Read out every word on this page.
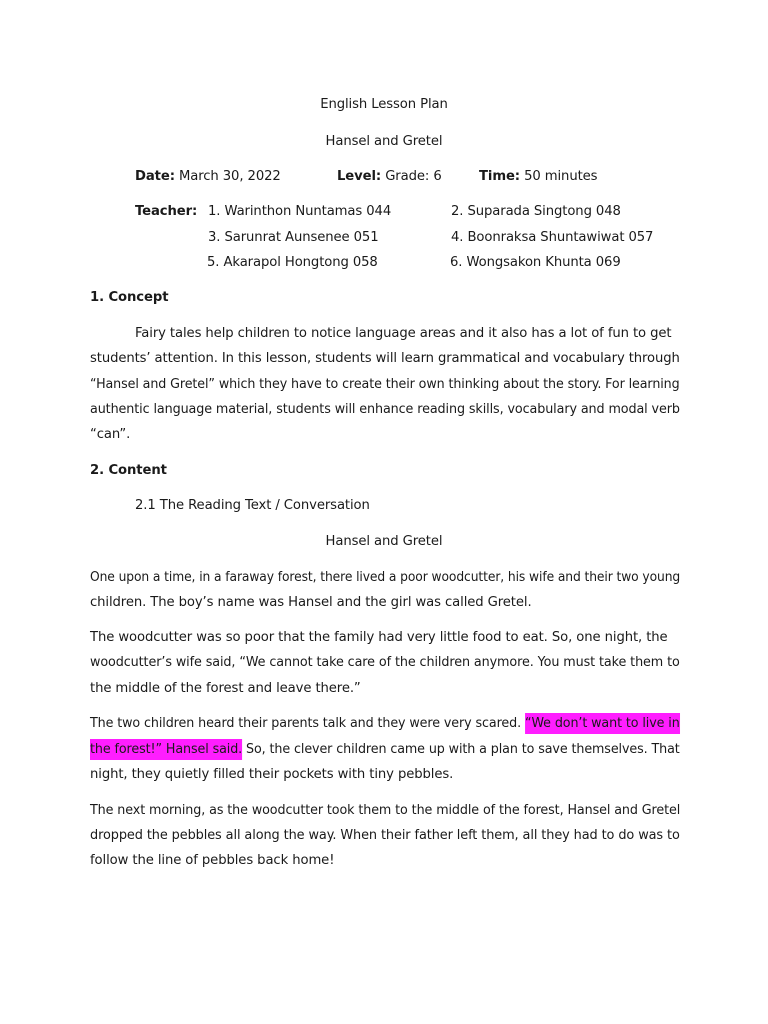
English Lesson Plan
Hansel and Gretel
Date: March 30, 2022	Level: Grade: 6	Time: 50 minutes
Teacher: 1. Warinthon Nuntamas 044	2. Suparada Singtong 048
3. Sarunrat Aunsenee 051	4. Boonraksa Shuntawiwat 057
5. Akarapol Hongtong 058	6. Wongsakon Khunta 069
1. Concept
Fairy tales help children to notice language areas and it also has a lot of fun to get
students’ attention. In this lesson, students will learn grammatical and vocabulary through
“Hansel and Gretel” which they have to create their own thinking about the story. For learning
authentic language material, students will enhance reading skills, vocabulary and modal verb
“can”.
2. Content
2.1 The Reading Text / Conversation
Hansel and Gretel
One upon a time, in a faraway forest, there lived a poor woodcutter, his wife and their two young
children. The boy’s name was Hansel and the girl was called Gretel.
The woodcutter was so poor that the family had very little food to eat. So, one night, the
woodcutter’s wife said, “We cannot take care of the children anymore. You must take them to
the middle of the forest and leave there.”
The two children heard their parents talk and they were very scared. “We don’t want to live in
the forest!” Hansel said. So, the clever children came up with a plan to save themselves. That
night, they quietly filled their pockets with tiny pebbles.
The next morning, as the woodcutter took them to the middle of the forest, Hansel and Gretel
dropped the pebbles all along the way. When their father left them, all they had to do was to
follow the line of pebbles back home!
